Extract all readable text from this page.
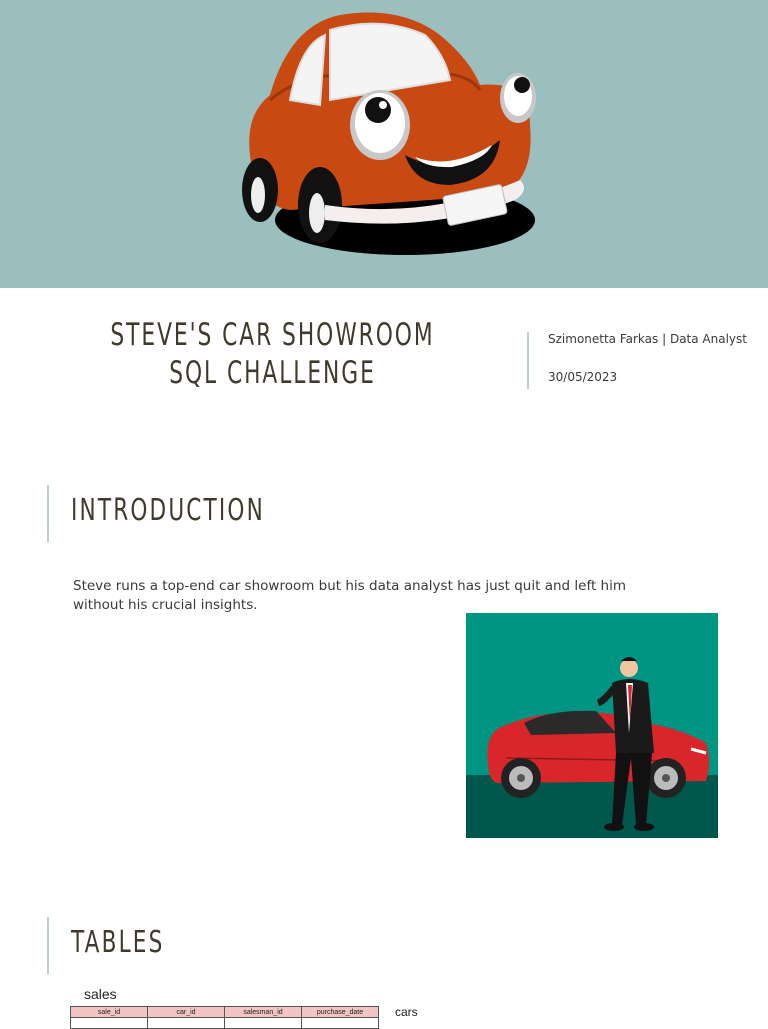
STEVE'S CAR SHOWROOM
SQL CHALLENGE
Szimonetta Farkas | Data Analyst
30/05/2023
INTRODUCTION
Steve runs a top-end car showroom but his data analyst has just quit and left him without his crucial insights.
TABLES
sales
sale_id	car_id	salesman_id	purchase_date
				cars
